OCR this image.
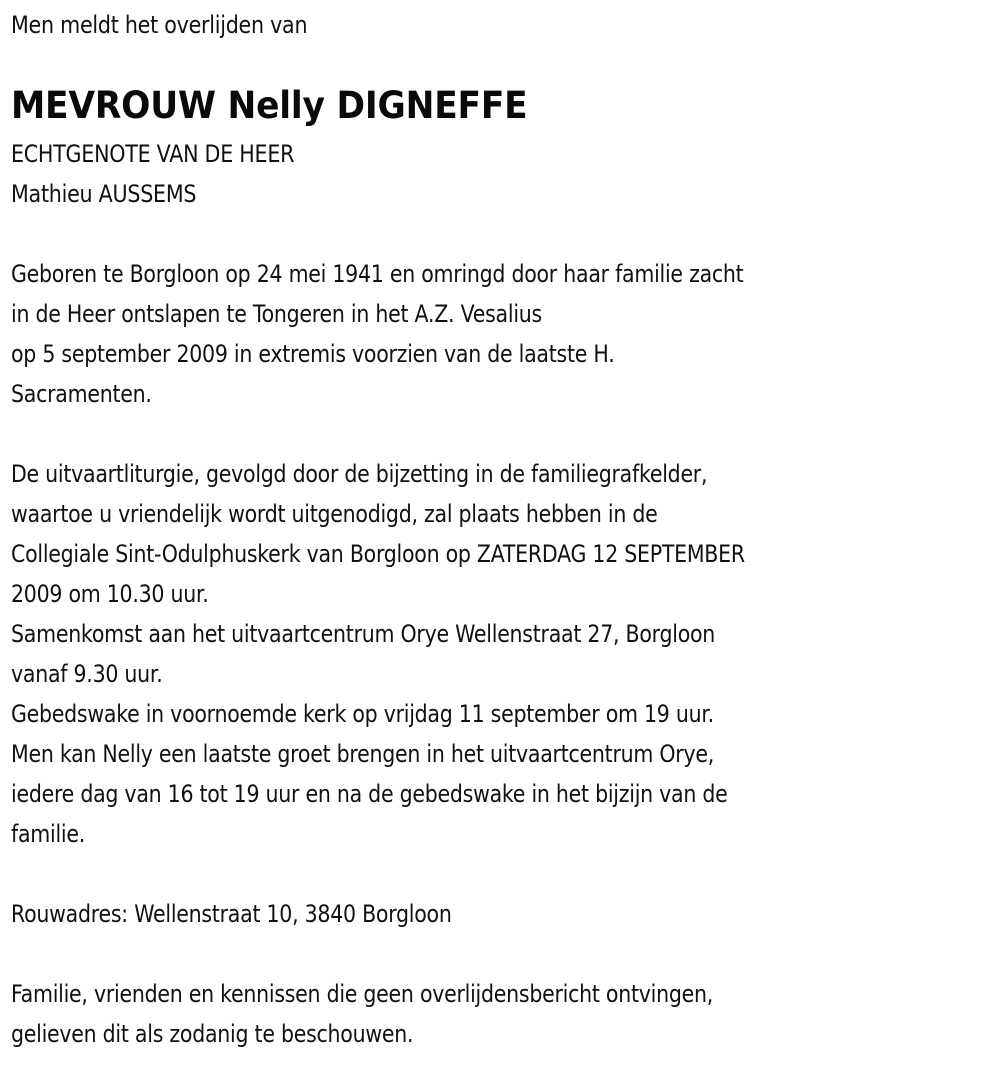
Men meldt het overlijden van
MEVROUW Nelly DIGNEFFE
ECHTGENOTE VAN DE HEER
Mathieu AUSSEMS
Geboren te Borgloon op 24 mei 1941 en omringd door haar familie zacht
in de Heer ontslapen te Tongeren in het A.Z. Vesalius
op 5 september 2009 in extremis voorzien van de laatste H.
Sacramenten.
De uitvaartliturgie, gevolgd door de bijzetting in de familiegrafkelder,
waartoe u vriendelijk wordt uitgenodigd, zal plaats hebben in de
Collegiale Sint-Odulphuskerk van Borgloon op ZATERDAG 12 SEPTEMBER
2009 om 10.30 uur.
Samenkomst aan het uitvaartcentrum Orye Wellenstraat 27, Borgloon
vanaf 9.30 uur.
Gebedswake in voornoemde kerk op vrijdag 11 september om 19 uur.
Men kan Nelly een laatste groet brengen in het uitvaartcentrum Orye,
iedere dag van 16 tot 19 uur en na de gebedswake in het bijzijn van de
familie.
Rouwadres: Wellenstraat 10, 3840 Borgloon
Familie, vrienden en kennissen die geen overlijdensbericht ontvingen,
gelieven dit als zodanig te beschouwen.
